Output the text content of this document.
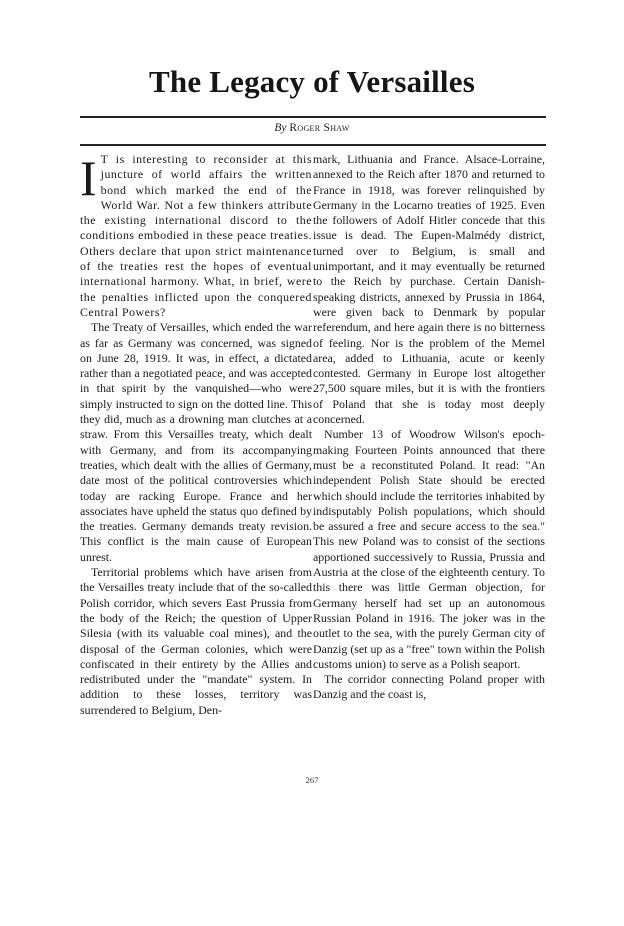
The Legacy of Versailles
By Roger Shaw

I T is interesting to reconsider at this juncture of world affairs the written bond which marked the end of the World War. Not a few thinkers attribute the existing international discord to the conditions embodied in these peace treaties. Others declare that upon strict maintenance of the treaties rest the hopes of eventual international harmony. What, in brief, were the penalties inflicted upon the conquered Central Powers?

The Treaty of Versailles, which ended the war as far as Germany was concerned, was signed on June 28, 1919. It was, in effect, a dictated rather than a negotiated peace, and was accepted in that spirit by the vanquished—who were simply instructed to sign on the dotted line. This they did, much as a drowning man clutches at a straw. From this Versailles treaty, which dealt with Germany, and from its accompanying treaties, which dealt with the allies of Germany, date most of the political controversies which today are racking Europe. France and her associates have upheld the status quo defined by the treaties. Germany demands treaty revision. This conflict is the main cause of European unrest.

Territorial problems which have arisen from the Versailles treaty include that of the so-called Polish corridor, which severs East Prussia from the body of the Reich; the question of Upper Silesia (with its valuable coal mines), and the disposal of the German colonies, which were confiscated in their entirety by the Allies and redistributed under the "mandate" system. In addition to these losses, territory was surrendered to Belgium, Den-

mark, Lithuania and France. Alsace-Lorraine, annexed to the Reich after 1870 and returned to France in 1918, was forever relinquished by Germany in the Locarno treaties of 1925. Even the followers of Adolf Hitler concede that this issue is dead. The Eupen-Malmédy district, turned over to Belgium, is small and unimportant, and it may eventually be returned to the Reich by purchase. Certain Danish-speaking districts, annexed by Prussia in 1864, were given back to Denmark by popular referendum, and here again there is no bitterness of feeling. Nor is the problem of the Memel area, added to Lithuania, acute or keenly contested. Germany in Europe lost altogether 27,500 square miles, but it is with the frontiers of Poland that she is today most deeply concerned.

Number 13 of Woodrow Wilson's epoch-making Fourteen Points announced that there must be a reconstituted Poland. It read: "An independent Polish State should be erected which should include the territories inhabited by indisputably Polish populations, which should be assured a free and secure access to the sea." This new Poland was to consist of the sections apportioned successively to Russia, Prussia and Austria at the close of the eighteenth century. To this there was little German objection, for Germany herself had set up an autonomous Russian Poland in 1916. The joker was in the outlet to the sea, with the purely German city of Danzig (set up as a "free" town within the Polish customs union) to serve as a Polish seaport.

The corridor connecting Poland proper with Danzig and the coast is,

267
